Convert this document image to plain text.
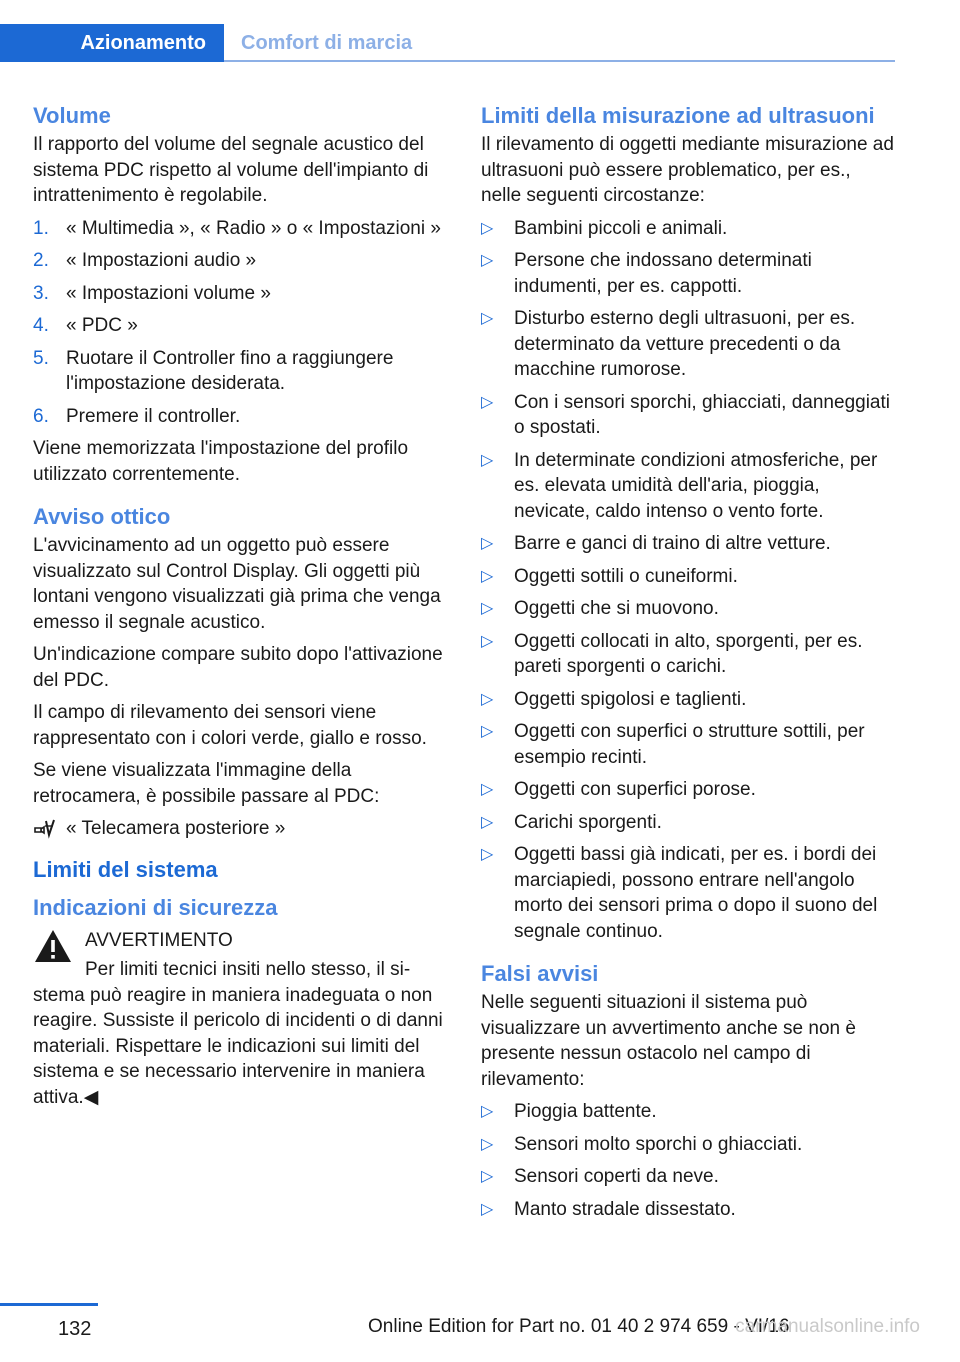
Azionamento	Comfort di marcia
Volume

Il rapporto del volume del segnale acustico del sistema PDC rispetto al volume dell'impianto di intrattenimento è regolabile.

1. « Multimedia », « Radio » o « Impostazioni »
2. « Impostazioni audio »
3. « Impostazioni volume »
4. « PDC »
5. Ruotare il Controller fino a raggiungere l'impostazione desiderata.
6. Premere il controller.

Viene memorizzata l'impostazione del profilo utilizzato correntemente.

Avviso ottico

L'avvicinamento ad un oggetto può essere visualizzato sul Control Display. Gli oggetti più lontani vengono visualizzati già prima che venga emesso il segnale acustico.

Un'indicazione compare subito dopo l'attivazione del PDC.

Il campo di rilevamento dei sensori viene rappresentato con i colori verde, giallo e rosso.

Se viene visualizzata l'immagine della retrocamera, è possibile passare al PDC:

« Telecamera posteriore »
Limiti del sistema
Indicazioni di sicurezza

AVVERTIMENTO

Per limiti tecnici insiti nello stesso, il si-

stema può reagire in maniera inadeguata o non reagire. Sussiste il pericolo di incidenti o di danni materiali. Rispettare le indicazioni sui limiti del sistema e se necessario intervenire in maniera attiva.◀

Limiti della misurazione ad ultrasuoni

Il rilevamento di oggetti mediante misurazione ad ultrasuoni può essere problematico, per es., nelle seguenti circostanze:

▷ Bambini piccoli e animali.
▷ Persone che indossano determinati indumenti, per es. cappotti.
▷ Disturbo esterno degli ultrasuoni, per es. determinato da vetture precedenti o da macchine rumorose.
▷ Con i sensori sporchi, ghiacciati, danneggiati o spostati.
▷ In determinate condizioni atmosferiche, per es. elevata umidità dell'aria, pioggia, nevicate, caldo intenso o vento forte.
▷ Barre e ganci di traino di altre vetture.
▷ Oggetti sottili o cuneiformi.
▷ Oggetti che si muovono.
▷ Oggetti collocati in alto, sporgenti, per es. pareti sporgenti o carichi.
▷ Oggetti spigolosi e taglienti.
▷ Oggetti con superfici o strutture sottili, per esempio recinti.
▷ Oggetti con superfici porose.
▷ Carichi sporgenti.
▷ Oggetti bassi già indicati, per es. i bordi dei marciapiedi, possono entrare nell'angolo morto dei sensori prima o dopo il suono del segnale continuo.
Falsi avvisi

Nelle seguenti situazioni il sistema può visualizzare un avvertimento anche se non è presente nessun ostacolo nel campo di rilevamento:

▷ Pioggia battente.
▷ Sensori molto sporchi o ghiacciati.
▷ Sensori coperti da neve.
▷ Manto stradale dissestato.
132	Online Edition for Part no. 01 40 2 974 659 - VI/16
carmanualsonline.info
